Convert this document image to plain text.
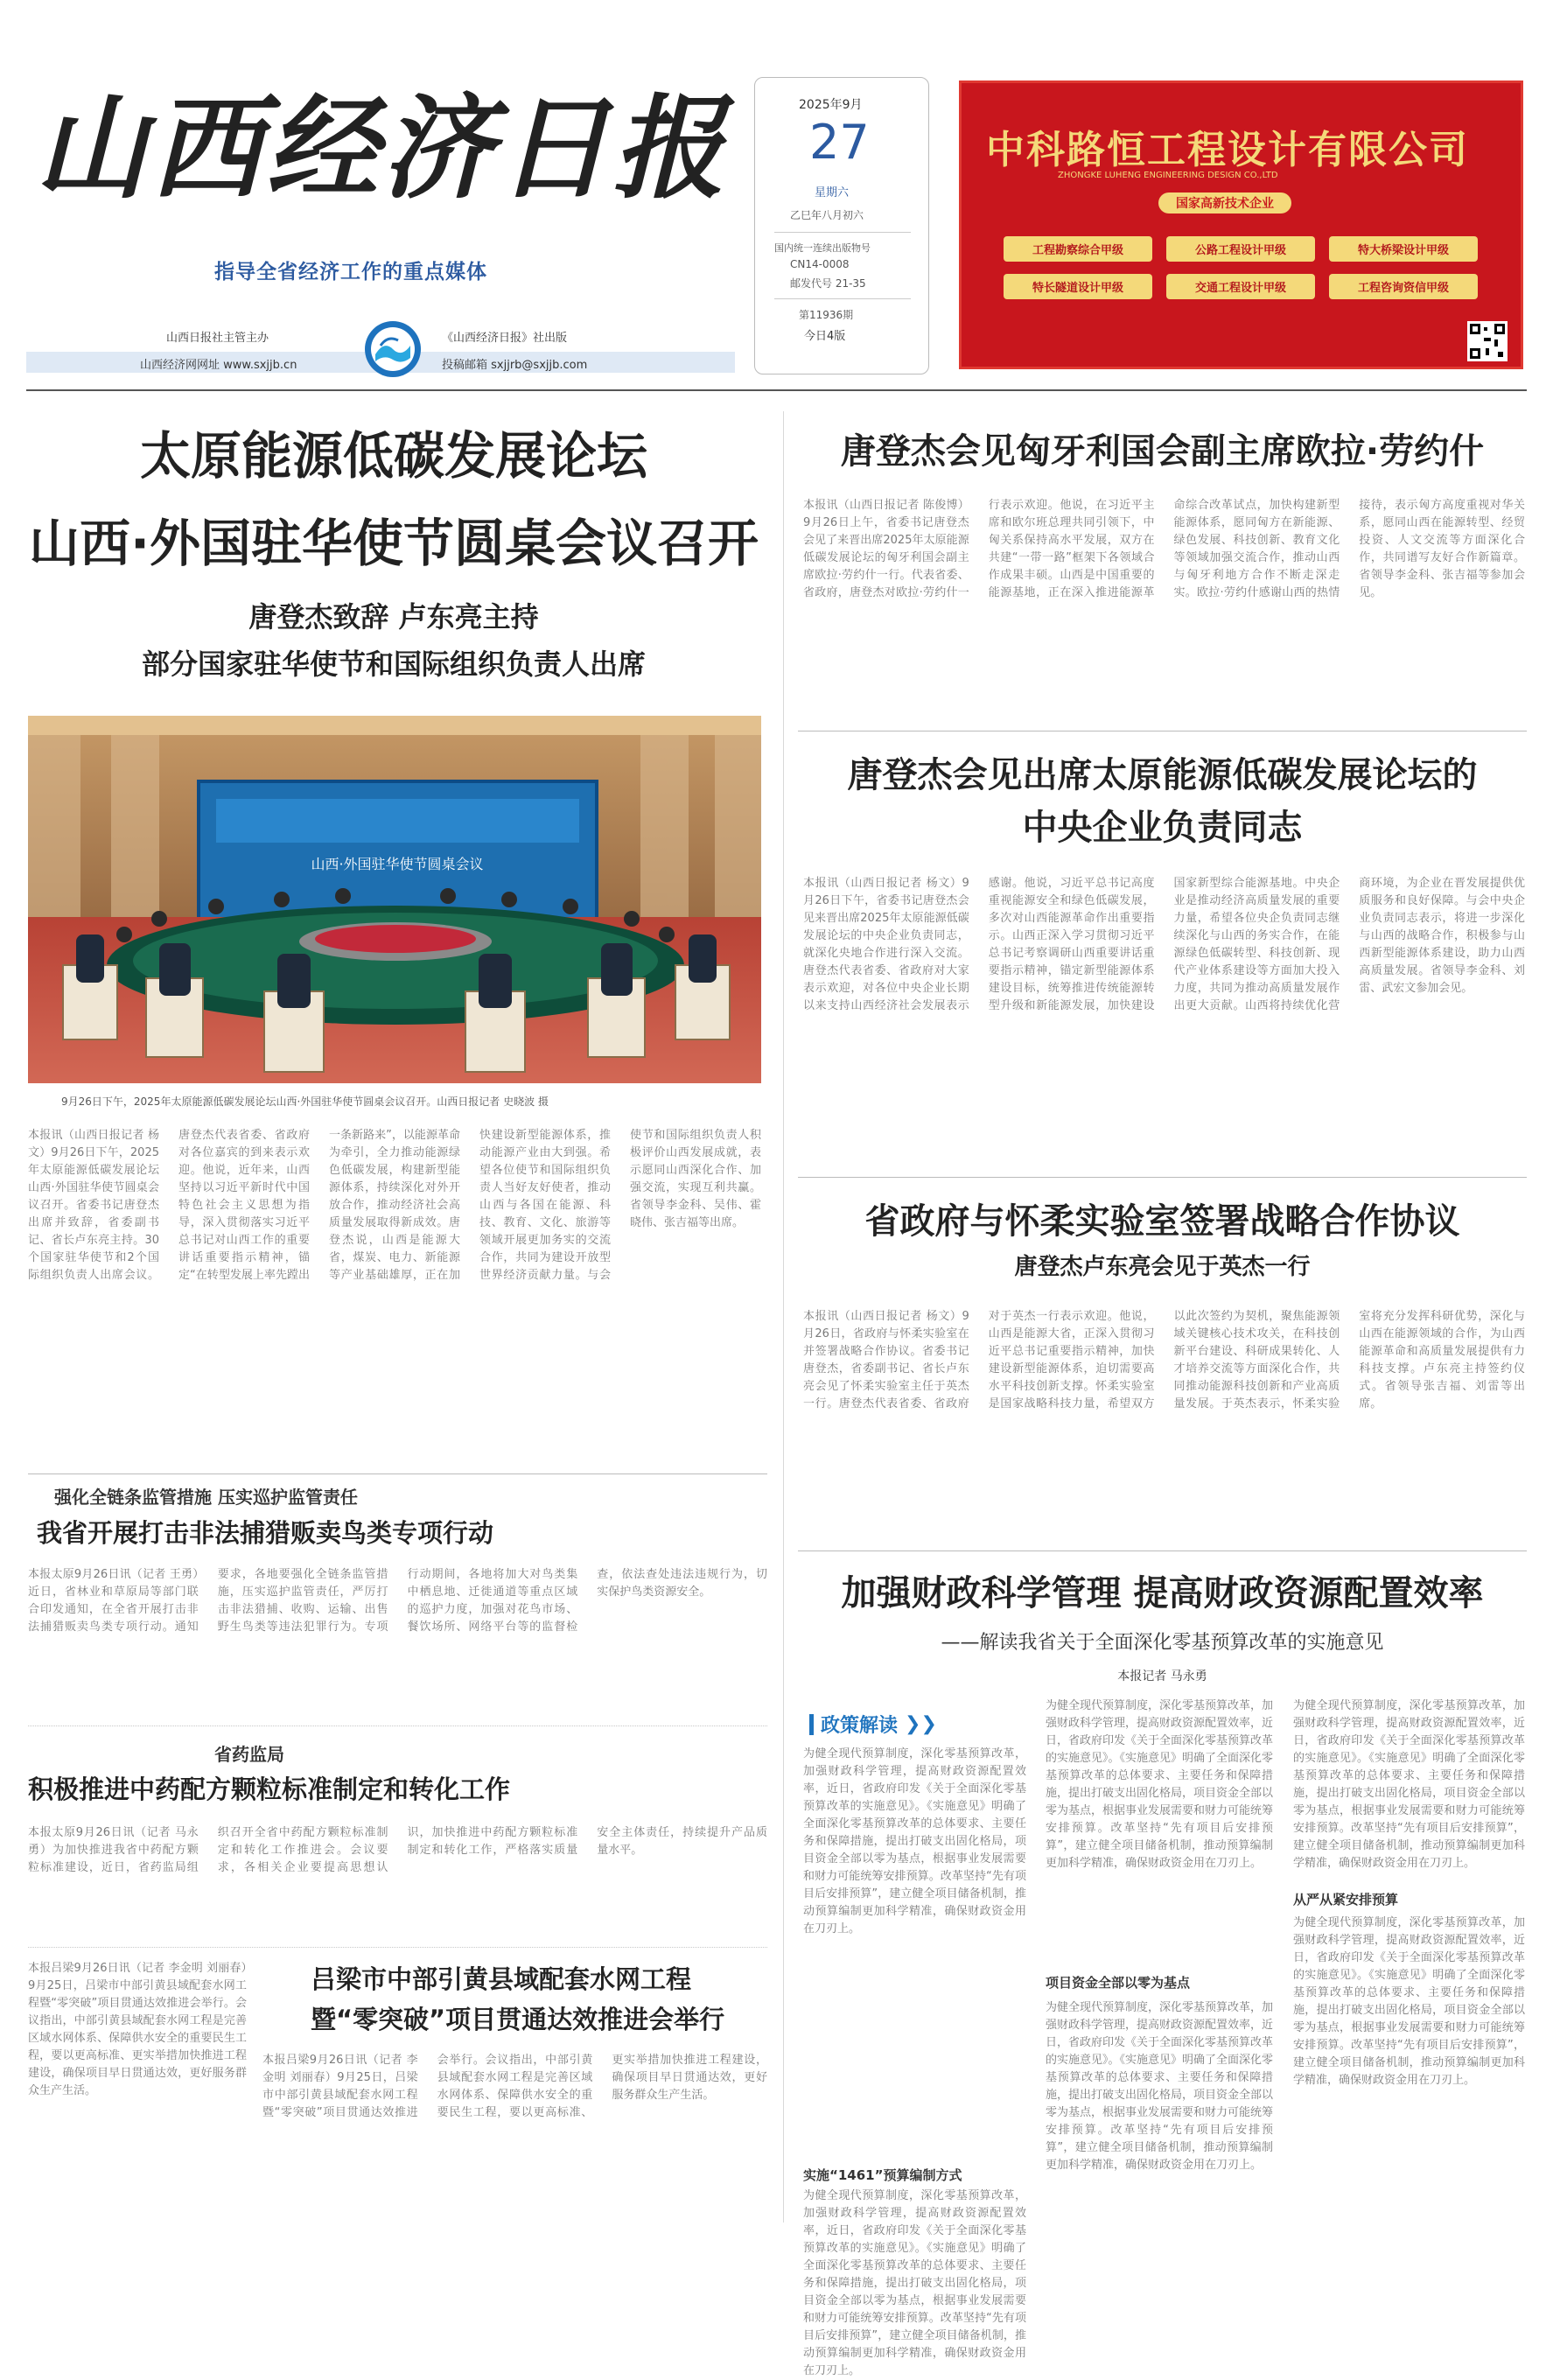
山西经济日报
指导全省经济工作的重点媒体
山西日报社主管主办	《山西经济日报》社出版
山西经济网网址 www.sxjjb.cn	投稿邮箱 sxjjrb@sxjjb.com
2025年9月
27
星期六
乙巳年八月初六
国内统一连续出版物号
CN14-0008
邮发代号 21-35
第11936期
今日4版
中科路恒工程设计有限公司
ZHONGKE LUHENG ENGINEERING DESIGN CO.,LTD
国家高新技术企业
工程勘察综合甲级	公路工程设计甲级	特大桥梁设计甲级
特长隧道设计甲级	交通工程设计甲级	工程咨询资信甲级
太原能源低碳发展论坛
山西·外国驻华使节圆桌会议召开
唐登杰致辞 卢东亮主持
部分国家驻华使节和国际组织负责人出席
山西·外国驻华使节圆桌会议
9月26日下午，2025年太原能源低碳发展论坛山西·外国驻华使节圆桌会议召开。山西日报记者 史晓波 摄
本报讯（山西日报记者 杨文）9月26日下午，2025年太原能源低碳发展论坛山西·外国驻华使节圆桌会议召开。省委书记唐登杰出席并致辞，省委副书记、省长卢东亮主持。30个国家驻华使节和2个国际组织负责人出席会议。唐登杰代表省委、省政府对各位嘉宾的到来表示欢迎。他说，近年来，山西坚持以习近平新时代中国特色社会主义思想为指导，深入贯彻落实习近平总书记对山西工作的重要讲话重要指示精神，锚定“在转型发展上率先蹚出一条新路来”，以能源革命为牵引，全力推动能源绿色低碳发展，构建新型能源体系，持续深化对外开放合作，推动经济社会高质量发展取得新成效。唐登杰说，山西是能源大省，煤炭、电力、新能源等产业基础雄厚，正在加快建设新型能源体系，推动能源产业由大到强。希望各位使节和国际组织负责人当好友好使者，推动山西与各国在能源、科技、教育、文化、旅游等领域开展更加务实的交流合作，共同为建设开放型世界经济贡献力量。与会使节和国际组织负责人积极评价山西发展成就，表示愿同山西深化合作、加强交流，实现互利共赢。省领导李金科、吴伟、霍晓伟、张吉福等出席。
强化全链条监管措施 压实巡护监管责任
我省开展打击非法捕猎贩卖鸟类专项行动
本报太原9月26日讯（记者 王勇）近日，省林业和草原局等部门联合印发通知，在全省开展打击非法捕猎贩卖鸟类专项行动。通知要求，各地要强化全链条监管措施，压实巡护监管责任，严厉打击非法猎捕、收购、运输、出售野生鸟类等违法犯罪行为。专项行动期间，各地将加大对鸟类集中栖息地、迁徙通道等重点区域的巡护力度，加强对花鸟市场、餐饮场所、网络平台等的监督检查，依法查处违法违规行为，切实保护鸟类资源安全。
省药监局
积极推进中药配方颗粒标准制定和转化工作
本报太原9月26日讯（记者 马永勇）为加快推进我省中药配方颗粒标准建设，近日，省药监局组织召开全省中药配方颗粒标准制定和转化工作推进会。会议要求，各相关企业要提高思想认识，加快推进中药配方颗粒标准制定和转化工作，严格落实质量安全主体责任，持续提升产品质量水平。
本报吕梁9月26日讯（记者 李金明 刘丽春）9月25日，吕梁市中部引黄县域配套水网工程暨“零突破”项目贯通达效推进会举行。会议指出，中部引黄县域配套水网工程是完善区域水网体系、保障供水安全的重要民生工程，要以更高标准、更实举措加快推进工程建设，确保项目早日贯通达效，更好服务群众生产生活。
吕梁市中部引黄县域配套水网工程
暨“零突破”项目贯通达效推进会举行
本报吕梁9月26日讯（记者 李金明 刘丽春）9月25日，吕梁市中部引黄县域配套水网工程暨“零突破”项目贯通达效推进会举行。会议指出，中部引黄县域配套水网工程是完善区域水网体系、保障供水安全的重要民生工程，要以更高标准、更实举措加快推进工程建设，确保项目早日贯通达效，更好服务群众生产生活。
唐登杰会见匈牙利国会副主席欧拉·劳约什
本报讯（山西日报记者 陈俊博）9月26日上午，省委书记唐登杰会见了来晋出席2025年太原能源低碳发展论坛的匈牙利国会副主席欧拉·劳约什一行。代表省委、省政府，唐登杰对欧拉·劳约什一行表示欢迎。他说，在习近平主席和欧尔班总理共同引领下，中匈关系保持高水平发展，双方在共建“一带一路”框架下各领域合作成果丰硕。山西是中国重要的能源基地，正在深入推进能源革命综合改革试点，加快构建新型能源体系，愿同匈方在新能源、绿色发展、科技创新、教育文化等领域加强交流合作，推动山西与匈牙利地方合作不断走深走实。欧拉·劳约什感谢山西的热情接待，表示匈方高度重视对华关系，愿同山西在能源转型、经贸投资、人文交流等方面深化合作，共同谱写友好合作新篇章。省领导李金科、张吉福等参加会见。
唐登杰会见出席太原能源低碳发展论坛的
中央企业负责同志
本报讯（山西日报记者 杨文）9月26日下午，省委书记唐登杰会见来晋出席2025年太原能源低碳发展论坛的中央企业负责同志，就深化央地合作进行深入交流。唐登杰代表省委、省政府对大家表示欢迎，对各位中央企业长期以来支持山西经济社会发展表示感谢。他说，习近平总书记高度重视能源安全和绿色低碳发展，多次对山西能源革命作出重要指示。山西正深入学习贯彻习近平总书记考察调研山西重要讲话重要指示精神，锚定新型能源体系建设目标，统筹推进传统能源转型升级和新能源发展，加快建设国家新型综合能源基地。中央企业是推动经济高质量发展的重要力量，希望各位央企负责同志继续深化与山西的务实合作，在能源绿色低碳转型、科技创新、现代产业体系建设等方面加大投入力度，共同为推动高质量发展作出更大贡献。山西将持续优化营商环境，为企业在晋发展提供优质服务和良好保障。与会中央企业负责同志表示，将进一步深化与山西的战略合作，积极参与山西新型能源体系建设，助力山西高质量发展。省领导李金科、刘雷、武宏文参加会见。
省政府与怀柔实验室签署战略合作协议
唐登杰卢东亮会见于英杰一行
本报讯（山西日报记者 杨文）9月26日，省政府与怀柔实验室在并签署战略合作协议。省委书记唐登杰，省委副书记、省长卢东亮会见了怀柔实验室主任于英杰一行。唐登杰代表省委、省政府对于英杰一行表示欢迎。他说，山西是能源大省，正深入贯彻习近平总书记重要指示精神，加快建设新型能源体系，迫切需要高水平科技创新支撑。怀柔实验室是国家战略科技力量，希望双方以此次签约为契机，聚焦能源领域关键核心技术攻关，在科技创新平台建设、科研成果转化、人才培养交流等方面深化合作，共同推动能源科技创新和产业高质量发展。于英杰表示，怀柔实验室将充分发挥科研优势，深化与山西在能源领域的合作，为山西能源革命和高质量发展提供有力科技支撑。卢东亮主持签约仪式。省领导张吉福、刘雷等出席。
加强财政科学管理 提高财政资源配置效率
——解读我省关于全面深化零基预算改革的实施意见
本报记者 马永勇
政策解读 ❯❯
为健全现代预算制度，深化零基预算改革，加强财政科学管理，提高财政资源配置效率，近日，省政府印发《关于全面深化零基预算改革的实施意见》。《实施意见》明确了全面深化零基预算改革的总体要求、主要任务和保障措施，提出打破支出固化格局，项目资金全部以零为基点，根据事业发展需要和财力可能统筹安排预算。改革坚持“先有项目后安排预算”，建立健全项目储备机制，推动预算编制更加科学精准，确保财政资金用在刀刃上。
项目资金全部以零为基点
为健全现代预算制度，深化零基预算改革，加强财政科学管理，提高财政资源配置效率，近日，省政府印发《关于全面深化零基预算改革的实施意见》。《实施意见》明确了全面深化零基预算改革的总体要求、主要任务和保障措施，提出打破支出固化格局，项目资金全部以零为基点，根据事业发展需要和财力可能统筹安排预算。改革坚持“先有项目后安排预算”，建立健全项目储备机制，推动预算编制更加科学精准，确保财政资金用在刀刃上。
为健全现代预算制度，深化零基预算改革，加强财政科学管理，提高财政资源配置效率，近日，省政府印发《关于全面深化零基预算改革的实施意见》。《实施意见》明确了全面深化零基预算改革的总体要求、主要任务和保障措施，提出打破支出固化格局，项目资金全部以零为基点，根据事业发展需要和财力可能统筹安排预算。改革坚持“先有项目后安排预算”，建立健全项目储备机制，推动预算编制更加科学精准，确保财政资金用在刀刃上。
实施“1461”预算编制方式
为健全现代预算制度，深化零基预算改革，加强财政科学管理，提高财政资源配置效率，近日，省政府印发《关于全面深化零基预算改革的实施意见》。《实施意见》明确了全面深化零基预算改革的总体要求、主要任务和保障措施，提出打破支出固化格局，项目资金全部以零为基点，根据事业发展需要和财力可能统筹安排预算。改革坚持“先有项目后安排预算”，建立健全项目储备机制，推动预算编制更加科学精准，确保财政资金用在刀刃上。
为健全现代预算制度，深化零基预算改革，加强财政科学管理，提高财政资源配置效率，近日，省政府印发《关于全面深化零基预算改革的实施意见》。《实施意见》明确了全面深化零基预算改革的总体要求、主要任务和保障措施，提出打破支出固化格局，项目资金全部以零为基点，根据事业发展需要和财力可能统筹安排预算。改革坚持“先有项目后安排预算”，建立健全项目储备机制，推动预算编制更加科学精准，确保财政资金用在刀刃上。
从严从紧安排预算
为健全现代预算制度，深化零基预算改革，加强财政科学管理，提高财政资源配置效率，近日，省政府印发《关于全面深化零基预算改革的实施意见》。《实施意见》明确了全面深化零基预算改革的总体要求、主要任务和保障措施，提出打破支出固化格局，项目资金全部以零为基点，根据事业发展需要和财力可能统筹安排预算。改革坚持“先有项目后安排预算”，建立健全项目储备机制，推动预算编制更加科学精准，确保财政资金用在刀刃上。
